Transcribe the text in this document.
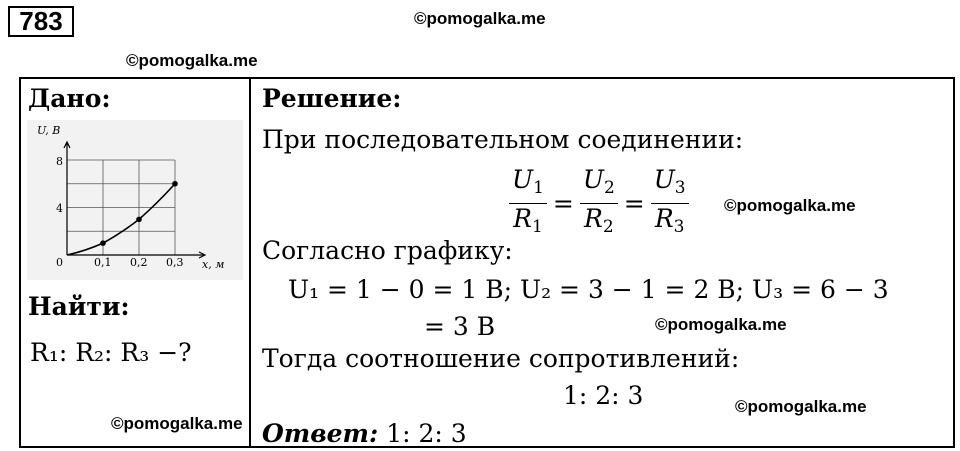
783	©pomogalka.me
©pomogalka.me
©pomogalka.me
©pomogalka.me
©pomogalka.me
©pomogalka.me
Дано:
U, В
x, м
8
4
0	0,1 0,2 0,3
Найти:
R₁: R₂: R₃ −?
Решение:
При последовательном соединении:
$\frac{U_1}{R_1} = \frac{U_2}{R_2} = \frac{U_3}{R_3}$
Согласно графику:
U₁ = 1 − 0 = 1 В; U₂ = 3 − 1 = 2 В; U₃ = 6 − 3
= 3 В
Тогда соотношение сопротивлений:
1: 2: 3
Ответ: 1: 2: 3
